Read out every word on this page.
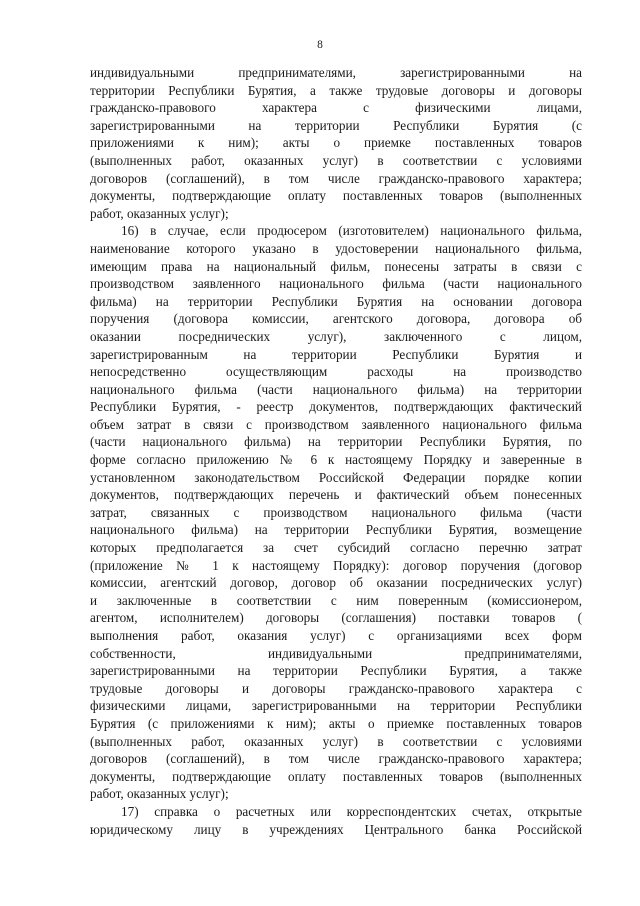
8

индивидуальными предпринимателями, зарегистрированными на
территории Республики Бурятия, а также трудовые договоры и договоры
гражданско-правового характера с физическими лицами,
зарегистрированными на территории Республики Бурятия (с
приложениями к ним); акты о приемке поставленных товаров
(выполненных работ, оказанных услуг) в соответствии с условиями
договоров (соглашений), в том числе гражданско-правового характера;
документы, подтверждающие оплату поставленных товаров (выполненных
работ, оказанных услуг);

16) в случае, если продюсером (изготовителем) национального фильма,
наименование которого указано в удостоверении национального фильма,
имеющим права на национальный фильм, понесены затраты в связи с
производством заявленного национального фильма (части национального
фильма) на территории Республики Бурятия на основании договора
поручения (договора комиссии, агентского договора, договора об
оказании посреднических услуг), заключенного с лицом,
зарегистрированным на территории Республики Бурятия и
непосредственно осуществляющим расходы на производство
национального фильма (части национального фильма) на территории
Республики Бурятия, - реестр документов, подтверждающих фактический
объем затрат в связи с производством заявленного национального фильма
(части национального фильма) на территории Республики Бурятия, по
форме согласно приложению № 6 к настоящему Порядку и заверенные в
установленном законодательством Российской Федерации порядке копии
документов, подтверждающих перечень и фактический объем понесенных
затрат, связанных с производством национального фильма (части
национального фильма) на территории Республики Бурятия, возмещение
которых предполагается за счет субсидий согласно перечню затрат
(приложение № 1 к настоящему Порядку): договор поручения (договор
комиссии, агентский договор, договор об оказании посреднических услуг)
и заключенные в соответствии с ним поверенным (комиссионером,
агентом, исполнителем) договоры (соглашения) поставки товаров (
выполнения работ, оказания услуг) с организациями всех форм
собственности, индивидуальными предпринимателями,
зарегистрированными на территории Республики Бурятия, а также
трудовые договоры и договоры гражданско-правового характера с
физическими лицами, зарегистрированными на территории Республики
Бурятия (с приложениями к ним); акты о приемке поставленных товаров
(выполненных работ, оказанных услуг) в соответствии с условиями
договоров (соглашений), в том числе гражданско-правового характера;
документы, подтверждающие оплату поставленных товаров (выполненных
работ, оказанных услуг);

17) справка о расчетных или корреспондентских счетах, открытые
юридическому лицу в учреждениях Центрального банка Российской
